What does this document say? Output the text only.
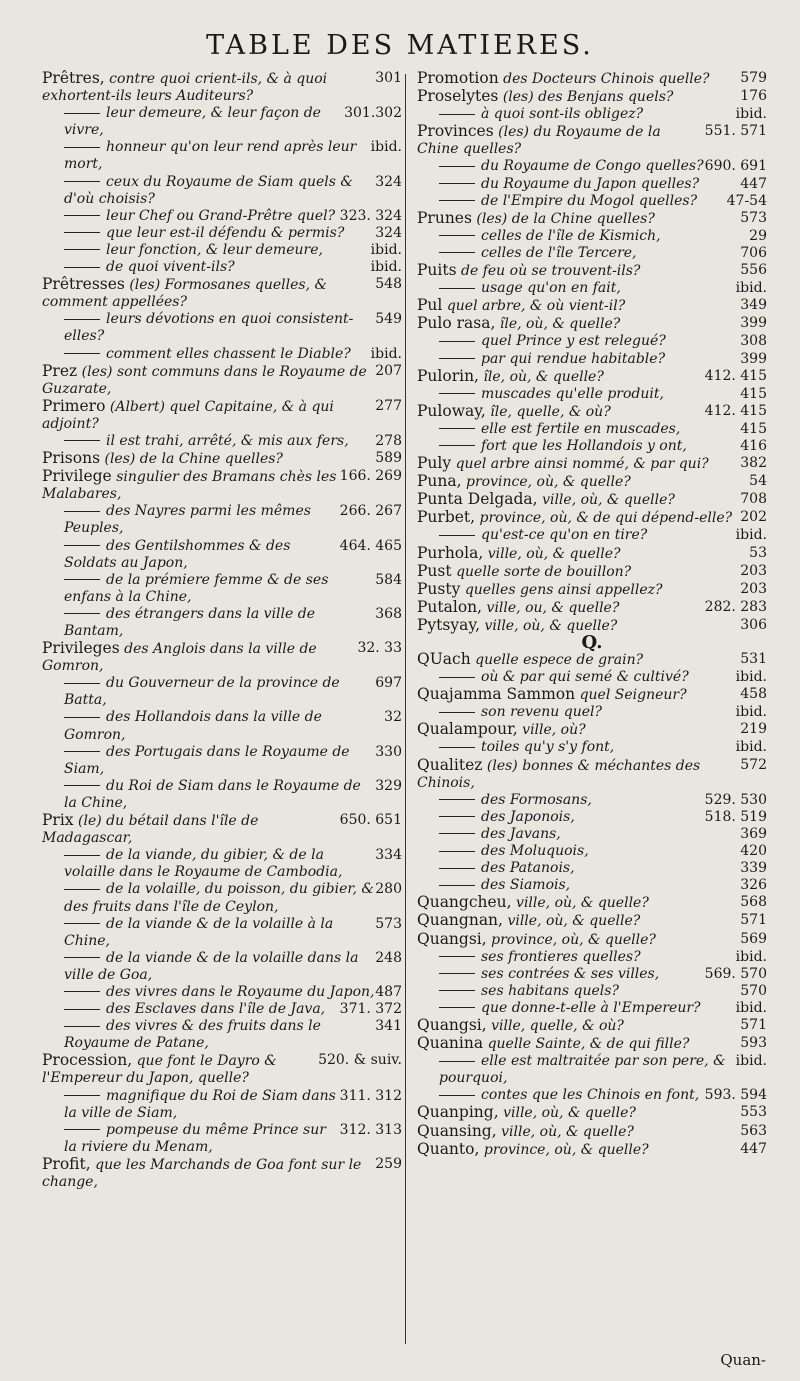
TABLE DES MATIERES.

301
Prêtres, contre quoi crient-ils, & à quoi exhortent-ils leurs Auditeurs?

301.302
leur demeure, & leur façon de vivre,

ibid.
honneur qu'on leur rend après leur mort,

324
ceux du Royaume de Siam quels & d'où choisis?

323. 324
leur Chef ou Grand-Prêtre quel?

324
que leur est-il défendu & permis?

ibid.
leur fonction, & leur demeure,

ibid.
de quoi vivent-ils?

548
Prêtresses (les) Formosanes quelles, & comment appellées?

549
leurs dévotions en quoi consistent-elles?

ibid.
comment elles chassent le Diable?

207
Prez (les) sont communs dans le Royaume de Guzarate,

277
Primero (Albert) quel Capitaine, & à qui adjoint?

278
il est trahi, arrêté, & mis aux fers,

589
Prisons (les) de la Chine quelles?

166. 269
Privilege singulier des Bramans chès les Malabares,

266. 267
des Nayres parmi les mêmes Peuples,

464. 465
des Gentilshommes & des Soldats au Japon,

584
de la prémiere femme & de ses enfans à la Chine,

368
des étrangers dans la ville de Bantam,

32. 33
Privileges des Anglois dans la ville de Gomron,

697
du Gouverneur de la province de Batta,

32
des Hollandois dans la ville de Gomron,

330
des Portugais dans le Royaume de Siam,

329
du Roi de Siam dans le Royaume de la Chine,

650. 651
Prix (le) du bétail dans l'île de Madagascar,

334
de la viande, du gibier, & de la volaille dans le Royaume de Cambodia,

280
de la volaille, du poisson, du gibier, & des fruits dans l'île de Ceylon,

573
de la viande & de la volaille à la Chine,

248
de la viande & de la volaille dans la ville de Goa,

487
des vivres dans le Royaume du Japon,

371. 372
des Esclaves dans l'île de Java,

341
des vivres & des fruits dans le Royaume de Patane,

520. & suiv.
Procession, que font le Dayro & l'Empereur du Japon, quelle?

311. 312
magnifique du Roi de Siam dans la ville de Siam,

312. 313
pompeuse du même Prince sur la riviere du Menam,

259
Profit, que les Marchands de Goa font sur le change,

579
Promotion des Docteurs Chinois quelle?

176
Proselytes (les) des Benjans quels?

ibid.
à quoi sont-ils obligez?

551. 571
Provinces (les) du Royaume de la Chine quelles?

690. 691
du Royaume de Congo quelles?

447
du Royaume du Japon quelles?

47-54
de l'Empire du Mogol quelles?

573
Prunes (les) de la Chine quelles?

29
celles de l'île de Kismich,

706
celles de l'île Tercere,

556
Puits de feu où se trouvent-ils?

ibid.
usage qu'on en fait,

349
Pul quel arbre, & où vient-il?

399
Pulo rasa, île, où, & quelle?

308
quel Prince y est relegué?

399
par qui rendue habitable?

412. 415
Pulorin, île, où, & quelle?

415
muscades qu'elle produit,

412. 415
Puloway, île, quelle, & où?

415
elle est fertile en muscades,

416
fort que les Hollandois y ont,

382
Puly quel arbre ainsi nommé, & par qui?

54
Puna, province, où, & quelle?

708
Punta Delgada, ville, où, & quelle?

202
Purbet, province, où, & de qui dépend-elle?

ibid.
qu'est-ce qu'on en tire?

53
Purhola, ville, où, & quelle?

203
Pust quelle sorte de bouillon?

203
Pusty quelles gens ainsi appellez?

282. 283
Putalon, ville, ou, & quelle?

306
Pytsyay, ville, où, & quelle?

Q.

531
QUach quelle espece de grain?

ibid.
où & par qui semé & cultivé?

458
Quajamma Sammon quel Seigneur?

ibid.
son revenu quel?

219
Qualampour, ville, où?

ibid.
toiles qu'y s'y font,

572
Qualitez (les) bonnes & méchantes des Chinois,

529. 530
des Formosans,

518. 519
des Japonois,

369
des Javans,

420
des Moluquois,

339
des Patanois,

326
des Siamois,

568
Quangcheu, ville, où, & quelle?

571
Quangnan, ville, où, & quelle?

569
Quangsi, province, où, & quelle?

ibid.
ses frontieres quelles?

569. 570
ses contrées & ses villes,

570
ses habitans quels?

ibid.
que donne-t-elle à l'Empereur?

571
Quangsi, ville, quelle, & où?

593
Quanina quelle Sainte, & de qui fille?

ibid.
elle est maltraitée par son pere, & pourquoi,

593. 594
contes que les Chinois en font,

553
Quanping, ville, où, & quelle?

563
Quansing, ville, où, & quelle?

447
Quanto, province, où, & quelle?

Quan-
